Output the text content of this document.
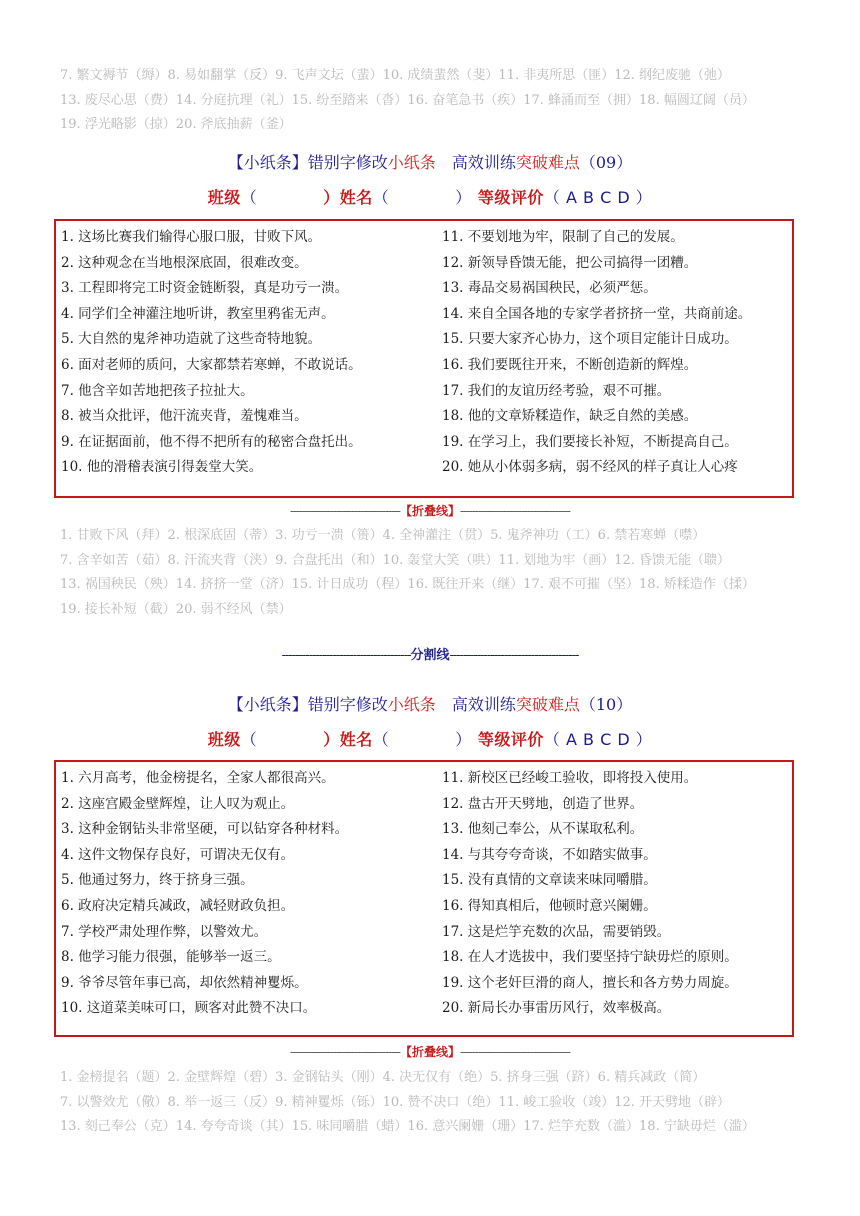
7. 繁文褥节（缛）8. 易如翻掌（反）9. 飞声文坛（蜚）10. 成绩蜚然（斐）11. 非夷所思（匪）12. 纲纪废驰（弛）
13. 废尽心思（费）14. 分庭抗理（礼）15. 纷至踏来（沓）16. 奋笔急书（疾）17. 蜂涌而至（拥）18. 幅圆辽阔（员）
19. 浮光略影（掠）20. 斧底抽薪（釜）
【小纸条】错别字修改小纸条　高效训练突破难点（09）
班级（	）姓名（	） 等级评价（ A B C D ）
1. 这场比赛我们输得心服口服，甘败下风。
2. 这种观念在当地根深底固，很难改变。
3. 工程即将完工时资金链断裂，真是功亏一溃。
4. 同学们全神灌注地听讲，教室里鸦雀无声。
5. 大自然的鬼斧神功造就了这些奇特地貌。
6. 面对老师的质问，大家都禁若寒蝉，不敢说话。
7. 他含辛如苦地把孩子拉扯大。
8. 被当众批评，他汗流夹背，羞愧难当。
9. 在证据面前，他不得不把所有的秘密合盘托出。
10. 他的滑稽表演引得轰堂大笑。
11. 不要划地为牢，限制了自己的发展。
12. 新领导昏馈无能，把公司搞得一团糟。
13. 毒品交易祸国秧民，必须严惩。
14. 来自全国各地的专家学者挤挤一堂，共商前途。
15. 只要大家齐心协力，这个项目定能计日成功。
16. 我们要既往开来，不断创造新的辉煌。
17. 我们的友谊历经考验，艰不可摧。
18. 他的文章矫糅造作，缺乏自然的美感。
19. 在学习上，我们要接长补短，不断提高自己。
20. 她从小体弱多病，弱不经风的样子真让人心疼
------------------------------------【折叠线】------------------------------------
1. 甘败下风（拜）2. 根深底固（蒂）3. 功亏一溃（篑）4. 全神灌注（贯）5. 鬼斧神功（工）6. 禁若寒蝉（噤）
7. 含辛如苦（茹）8. 汗流夹背（浃）9. 合盘托出（和）10. 轰堂大笑（哄）11. 划地为牢（画）12. 昏馈无能（聩）
13. 祸国秧民（殃）14. 挤挤一堂（济）15. 计日成功（程）16. 既往开来（继）17. 艰不可摧（坚）18. 矫糅造作（揉）
19. 接长补短（截）20. 弱不经风（禁）
--------------------------------------分割线--------------------------------------
【小纸条】错别字修改小纸条　高效训练突破难点（10）
班级（	）姓名（	） 等级评价（ A B C D ）
1. 六月高考，他金榜提名，全家人都很高兴。
2. 这座宫殿金壁辉煌，让人叹为观止。
3. 这种金钢钻头非常坚硬，可以钻穿各种材料。
4. 这件文物保存良好，可谓决无仅有。
5. 他通过努力，终于挤身三强。
6. 政府决定精兵减政，减轻财政负担。
7. 学校严肃处理作弊，以警效尤。
8. 他学习能力很强，能够举一返三。
9. 爷爷尽管年事已高，却依然精神矍烁。
10. 这道菜美味可口，顾客对此赞不决口。
11. 新校区已经峻工验收，即将投入使用。
12. 盘古开天劈地，创造了世界。
13. 他刻己奉公，从不谋取私利。
14. 与其夸夸奇谈，不如踏实做事。
15. 没有真情的文章读来味同嚼腊。
16. 得知真相后，他顿时意兴阑姗。
17. 这是烂竽充数的次品，需要销毁。
18. 在人才选拔中，我们要坚持宁缺毋烂的原则。
19. 这个老奸巨滑的商人，擅长和各方势力周旋。
20. 新局长办事雷历风行，效率极高。
------------------------------------【折叠线】------------------------------------
1. 金榜提名（题）2. 金壁辉煌（碧）3. 金钢钻头（刚）4. 决无仅有（绝）5. 挤身三强（跻）6. 精兵减政（简）
7. 以警效尤（儆）8. 举一返三（反）9. 精神矍烁（铄）10. 赞不决口（绝）11. 峻工验收（竣）12. 开天劈地（辟）
13. 刻己奉公（克）14. 夸夸奇谈（其）15. 味同嚼腊（蜡）16. 意兴阑姗（珊）17. 烂竽充数（滥）18. 宁缺毋烂（滥）
